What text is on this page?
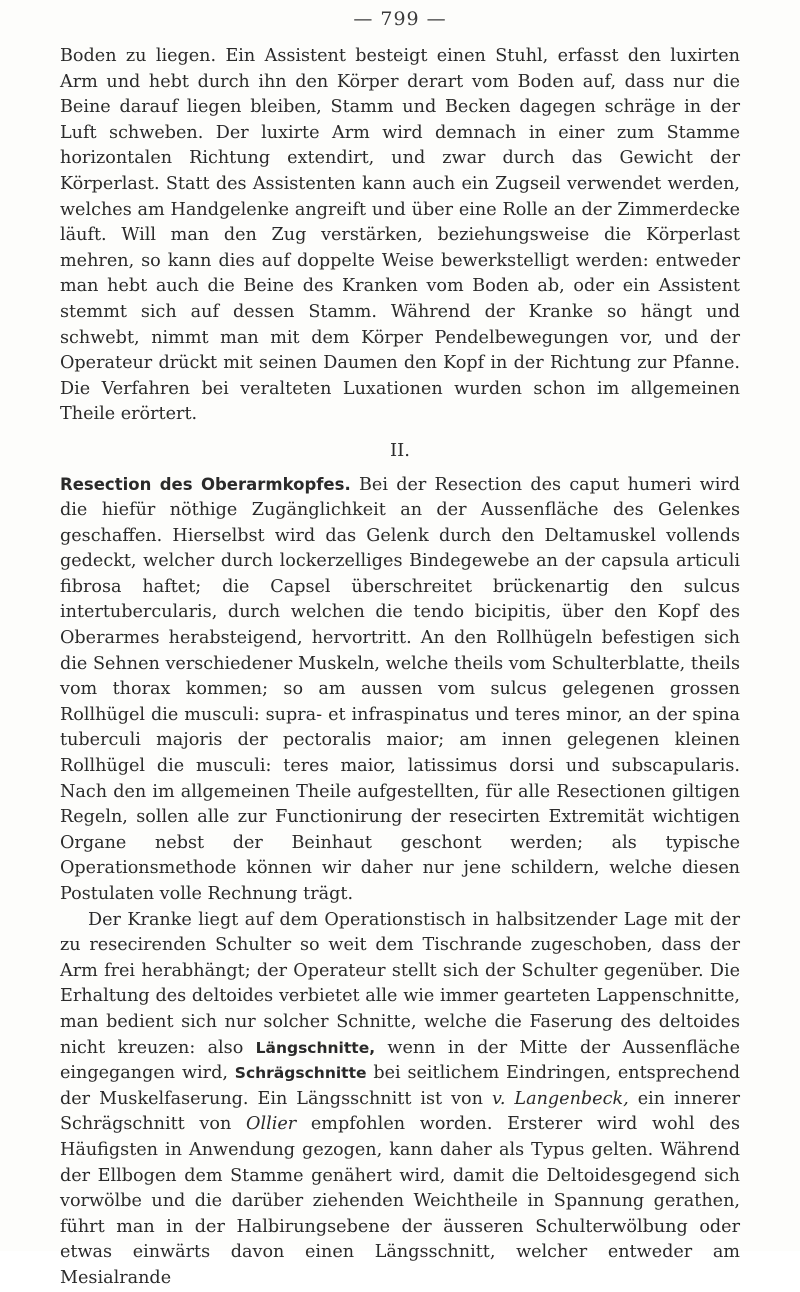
— 799 —

Boden zu liegen. Ein Assistent besteigt einen Stuhl, erfasst den luxirten Arm und hebt durch ihn den Körper derart vom Boden auf, dass nur die Beine darauf liegen bleiben, Stamm und Becken dagegen schräge in der Luft schweben. Der luxirte Arm wird demnach in einer zum Stamme horizontalen Richtung extendirt, und zwar durch das Gewicht der Körperlast. Statt des Assistenten kann auch ein Zugseil verwendet werden, welches am Handgelenke angreift und über eine Rolle an der Zimmerdecke läuft. Will man den Zug verstärken, beziehungsweise die Körperlast mehren, so kann dies auf doppelte Weise bewerkstelligt werden: entweder man hebt auch die Beine des Kranken vom Boden ab, oder ein Assistent stemmt sich auf dessen Stamm. Während der Kranke so hängt und schwebt, nimmt man mit dem Körper Pendelbewegungen vor, und der Operateur drückt mit seinen Daumen den Kopf in der Richtung zur Pfanne. Die Verfahren bei veralteten Luxationen wurden schon im allgemeinen Theile erörtert.

II.

Resection des Oberarmkopfes. Bei der Resection des caput humeri wird die hiefür nöthige Zugänglichkeit an der Aussenfläche des Gelenkes geschaffen. Hierselbst wird das Gelenk durch den Deltamuskel vollends gedeckt, welcher durch lockerzelliges Bindegewebe an der capsula articuli fibrosa haftet; die Capsel überschreitet brückenartig den sulcus intertubercularis, durch welchen die tendo bicipitis, über den Kopf des Oberarmes herabsteigend, hervortritt. An den Rollhügeln befestigen sich die Sehnen verschiedener Muskeln, welche theils vom Schulterblatte, theils vom thorax kommen; so am aussen vom sulcus gelegenen grossen Rollhügel die musculi: supra- et infraspinatus und teres minor, an der spina tuberculi majoris der pectoralis maior; am innen gelegenen kleinen Rollhügel die musculi: teres maior, latissimus dorsi und subscapularis. Nach den im allgemeinen Theile aufgestellten, für alle Resectionen giltigen Regeln, sollen alle zur Functionirung der resecirten Extremität wichtigen Organe nebst der Beinhaut geschont werden; als typische Operationsmethode können wir daher nur jene schildern, welche diesen Postulaten volle Rechnung trägt.

Der Kranke liegt auf dem Operationstisch in halbsitzender Lage mit der zu resecirenden Schulter so weit dem Tischrande zugeschoben, dass der Arm frei herabhängt; der Operateur stellt sich der Schulter gegenüber. Die Erhaltung des deltoides verbietet alle wie immer gearteten Lappenschnitte, man bedient sich nur solcher Schnitte, welche die Faserung des deltoides nicht kreuzen: also Längschnitte, wenn in der Mitte der Aussenfläche eingegangen wird, Schrägschnitte bei seitlichem Eindringen, entsprechend der Muskelfaserung. Ein Längsschnitt ist von v. Langenbeck, ein innerer Schrägschnitt von Ollier empfohlen worden. Ersterer wird wohl des Häufigsten in Anwendung gezogen, kann daher als Typus gelten. Während der Ellbogen dem Stamme genähert wird, damit die Deltoidesgegend sich vorwölbe und die darüber ziehenden Weichtheile in Spannung gerathen, führt man in der Halbirungsebene der äusseren Schulterwölbung oder etwas einwärts davon einen Längsschnitt, welcher entweder am Mesialrande
